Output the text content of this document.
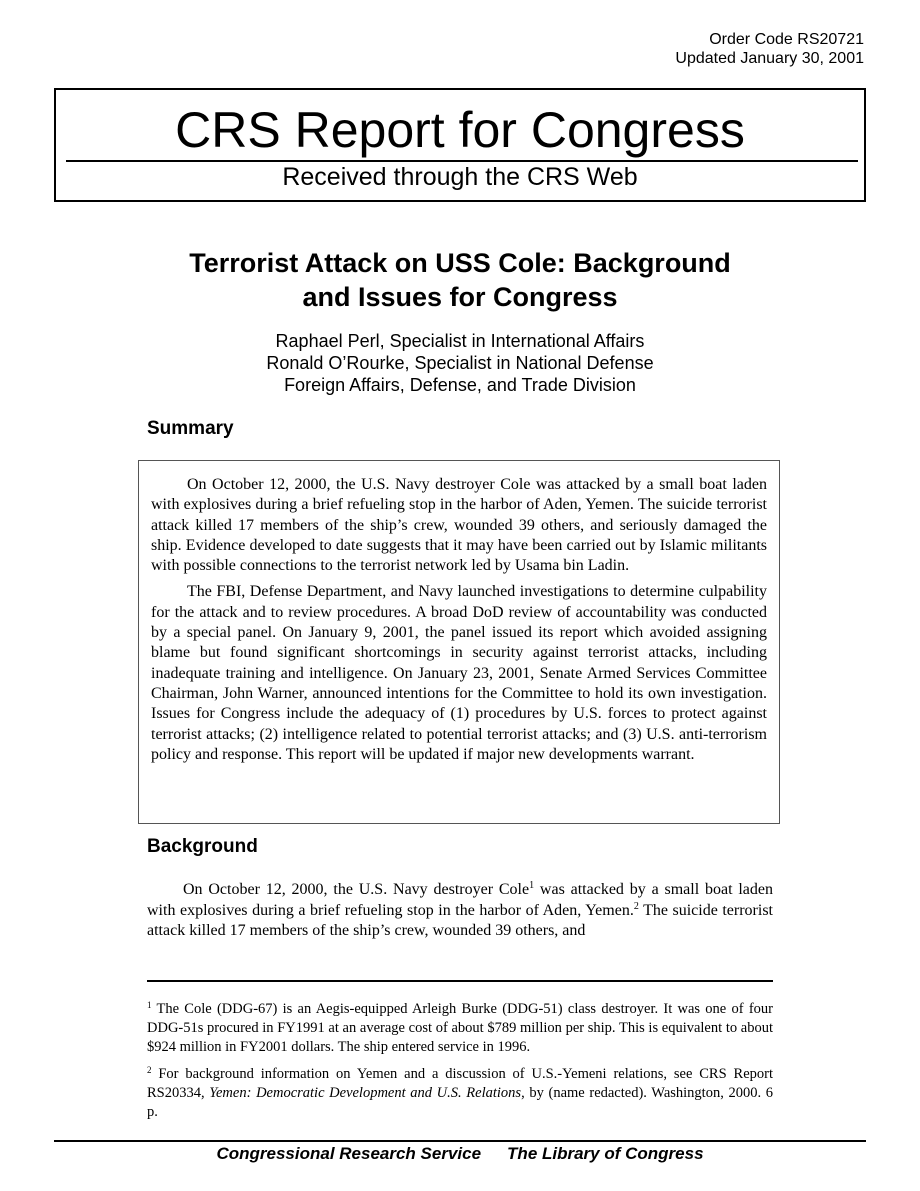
Order Code RS20721
Updated January 30, 2001
CRS Report for Congress
Received through the CRS Web
Terrorist Attack on USS Cole: Background
and Issues for Congress
Raphael Perl, Specialist in International Affairs
Ronald O’Rourke, Specialist in National Defense
Foreign Affairs, Defense, and Trade Division
Summary

On October 12, 2000, the U.S. Navy destroyer Cole was attacked by a small boat laden with explosives during a brief refueling stop in the harbor of Aden, Yemen. The suicide terrorist attack killed 17 members of the ship’s crew, wounded 39 others, and seriously damaged the ship. Evidence developed to date suggests that it may have been carried out by Islamic militants with possible connections to the terrorist network led by Usama bin Ladin.

The FBI, Defense Department, and Navy launched investigations to determine culpability for the attack and to review procedures. A broad DoD review of accountability was conducted by a special panel. On January 9, 2001, the panel issued its report which avoided assigning blame but found significant shortcomings in security against terrorist attacks, including inadequate training and intelligence. On January 23, 2001, Senate Armed Services Committee Chairman, John Warner, announced intentions for the Committee to hold its own investigation. Issues for Congress include the adequacy of (1) procedures by U.S. forces to protect against terrorist attacks; (2) intelligence related to potential terrorist attacks; and (3) U.S. anti-terrorism policy and response. This report will be updated if major new developments warrant.

Background

On October 12, 2000, the U.S. Navy destroyer Cole$^1$ was attacked by a small boat laden with explosives during a brief refueling stop in the harbor of Aden, Yemen.$^2$ The suicide terrorist attack killed 17 members of the ship’s crew, wounded 39 others, and

$^1$ The Cole (DDG-67) is an Aegis-equipped Arleigh Burke (DDG-51) class destroyer. It was one of four DDG-51s procured in FY1991 at an average cost of about $789 million per ship. This is equivalent to about $924 million in FY2001 dollars. The ship entered service in 1996.

$^2$ For background information on Yemen and a discussion of U.S.-Yemeni relations, see CRS Report RS20334, Yemen: Democratic Development and U.S. Relations, by (name redacted). Washington, 2000. 6 p.

Congressional Research Service The Library of Congress
